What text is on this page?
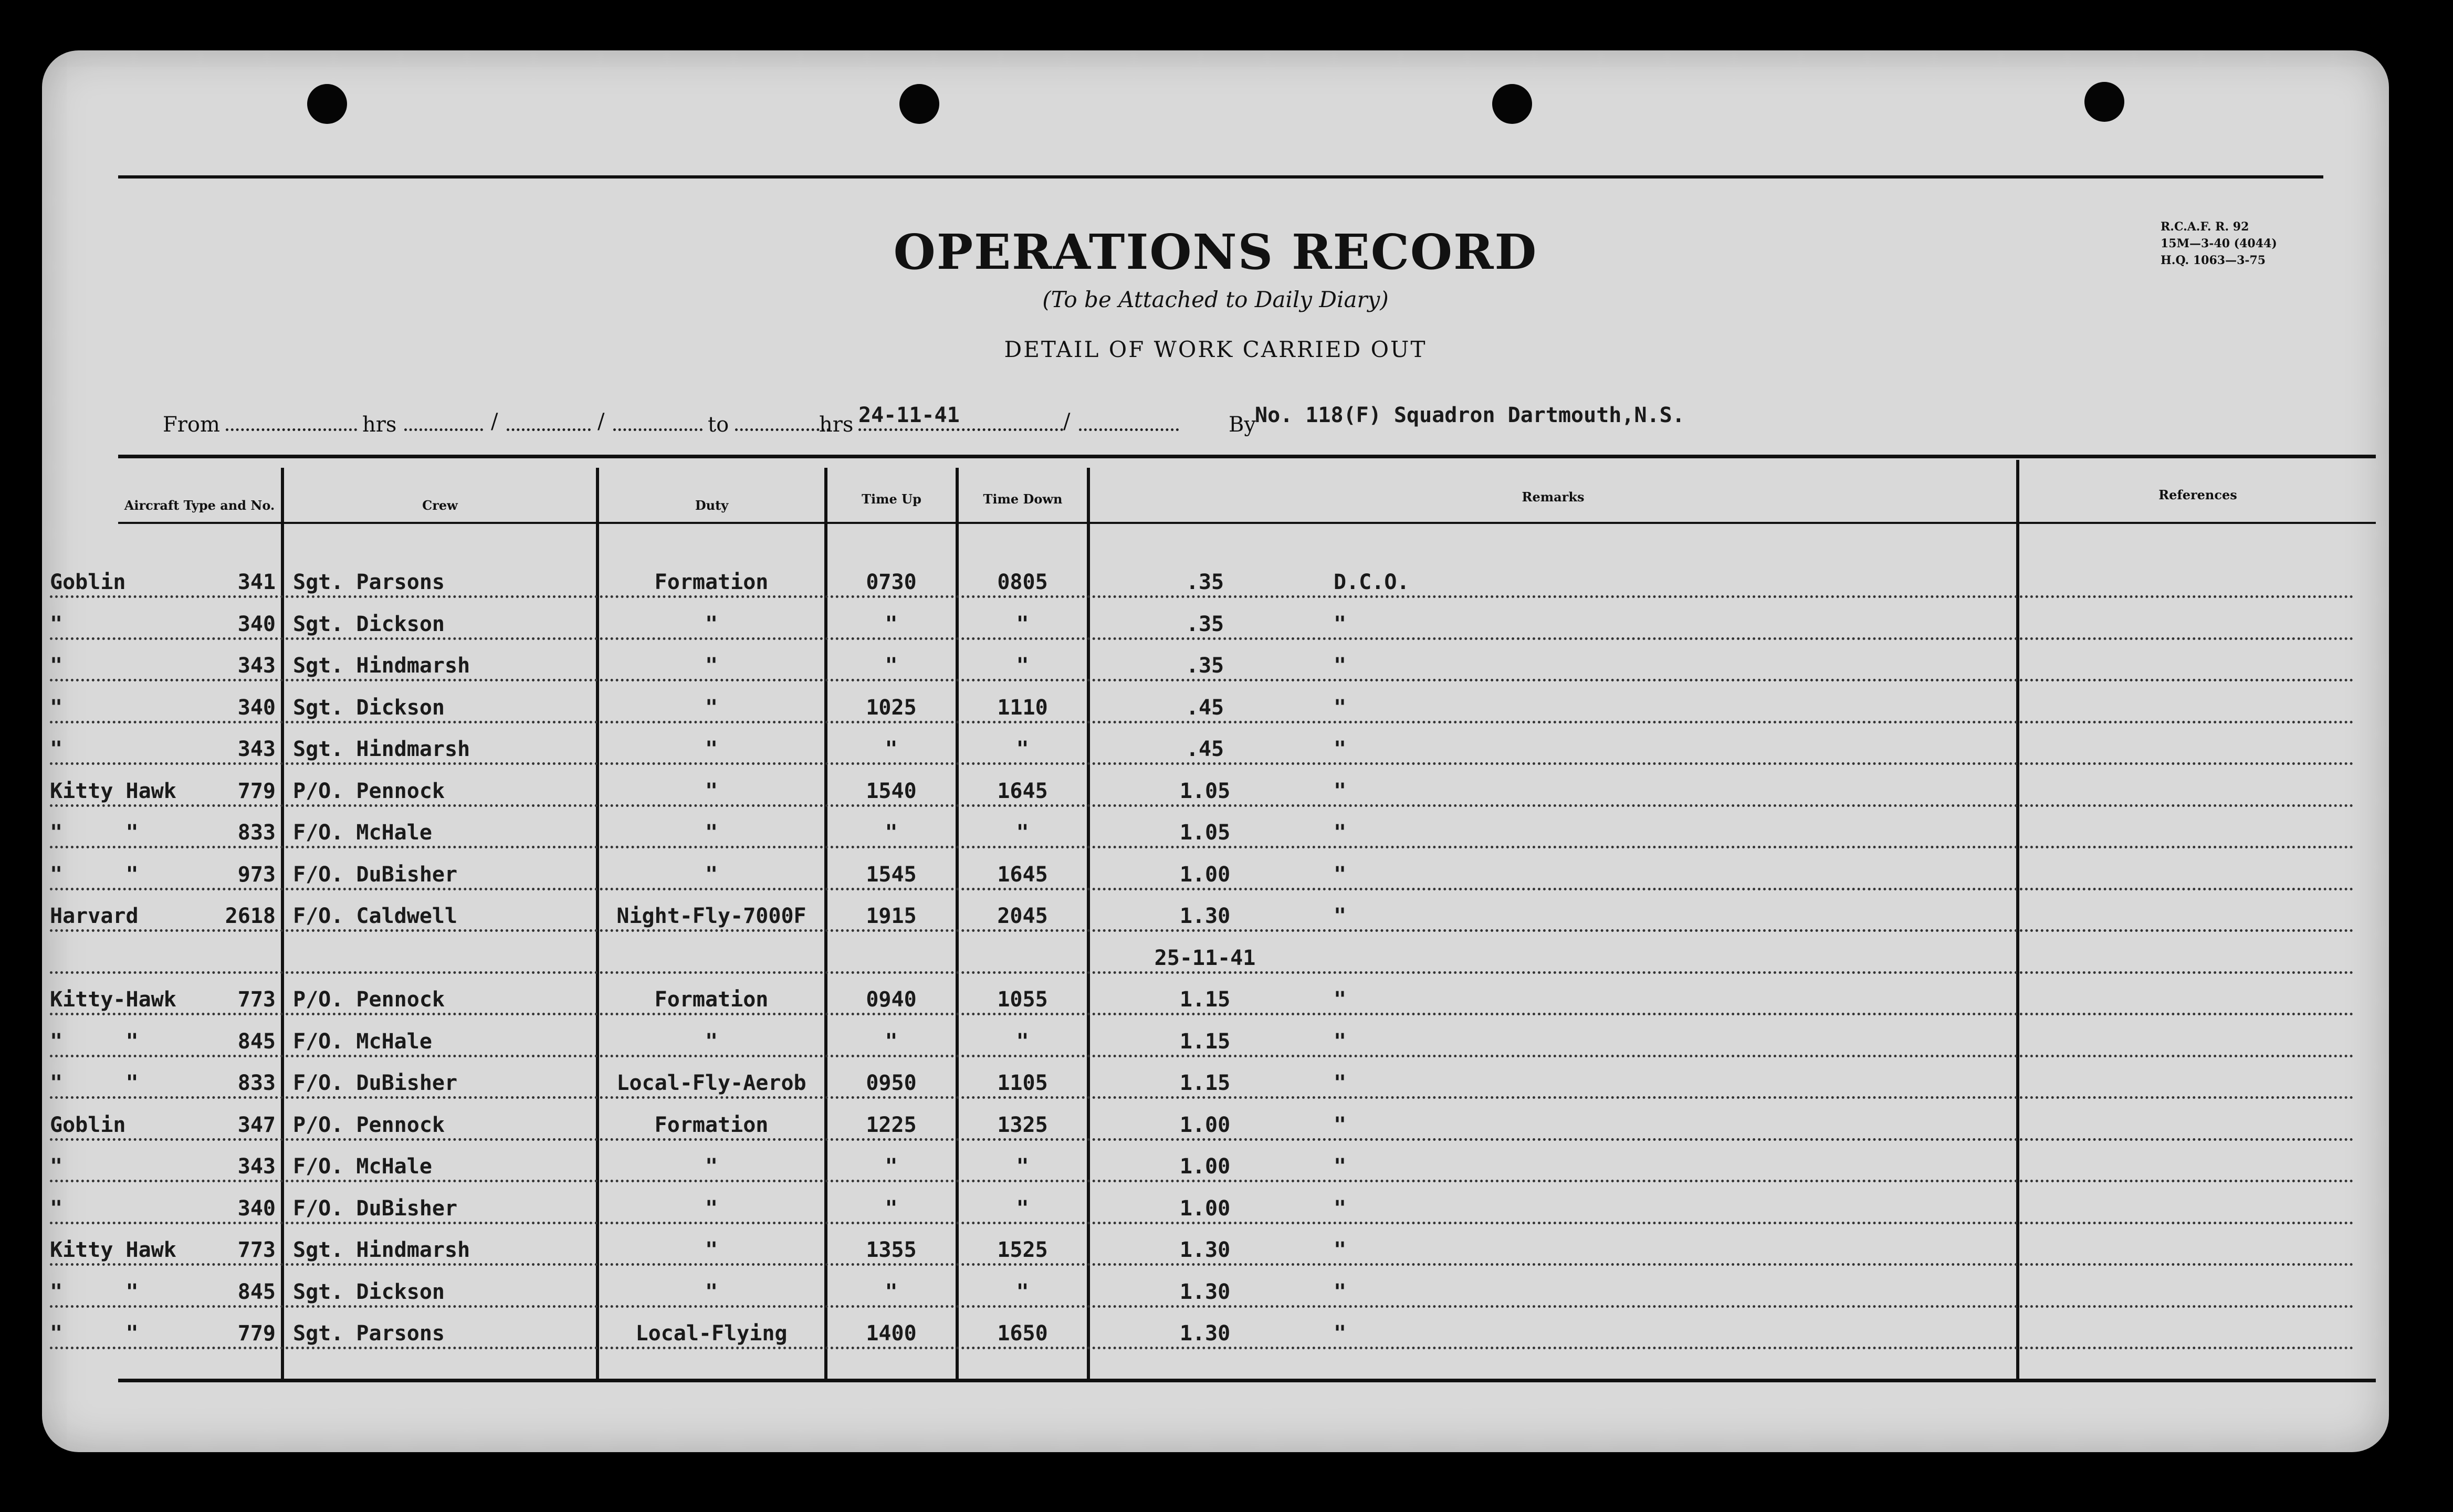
OPERATIONS RECORD
(To be Attached to Daily Diary)
DETAIL OF WORK CARRIED OUT
R.C.A.F. R. 92
15M—3-40 (4044)
H.Q. 1063—3-75
From	hrs	/	/	to	hrs 24-11-41	/	By
No. 118(F) Squadron Dartmouth,N.S.
Aircraft Type and No.	Crew	Duty	Time Up	Time Down	Remarks	References
Goblin	341 Sgt. Parsons	Formation	0730	0805	.35	D.C.O.
"	340 Sgt. Dickson	"	"	"	.35	"
"	343 Sgt. Hindmarsh	"	"	"	.35	"
"	340 Sgt. Dickson	"	1025	1110	.45	"
"	343 Sgt. Hindmarsh	"	"	"	.45	"
Kitty Hawk	779 P/O. Pennock	"	1540	1645	1.05	"
"     "	833 F/O. McHale	"	"	"	1.05	"
"     "	973 F/O. DuBisher	"	1545	1645	1.00	"
Harvard	2618 F/O. Caldwell	Night-Fly-7000F	1915	2045	1.30	"
25-11-41
Kitty-Hawk	773 P/O. Pennock	Formation	0940	1055	1.15	"
"     "	845 F/O. McHale	"	"	"	1.15	"
"     "	833 F/O. DuBisher	Local-Fly-Aerob	0950	1105	1.15	"
Goblin	347 P/O. Pennock	Formation	1225	1325	1.00	"
"	343 F/O. McHale	"	"	"	1.00	"
"	340 F/O. DuBisher	"	"	"	1.00	"
Kitty Hawk	773 Sgt. Hindmarsh	"	1355	1525	1.30	"
"     "	845 Sgt. Dickson	"	"	"	1.30	"
"     "	779 Sgt. Parsons	Local-Flying	1400	1650	1.30	"
